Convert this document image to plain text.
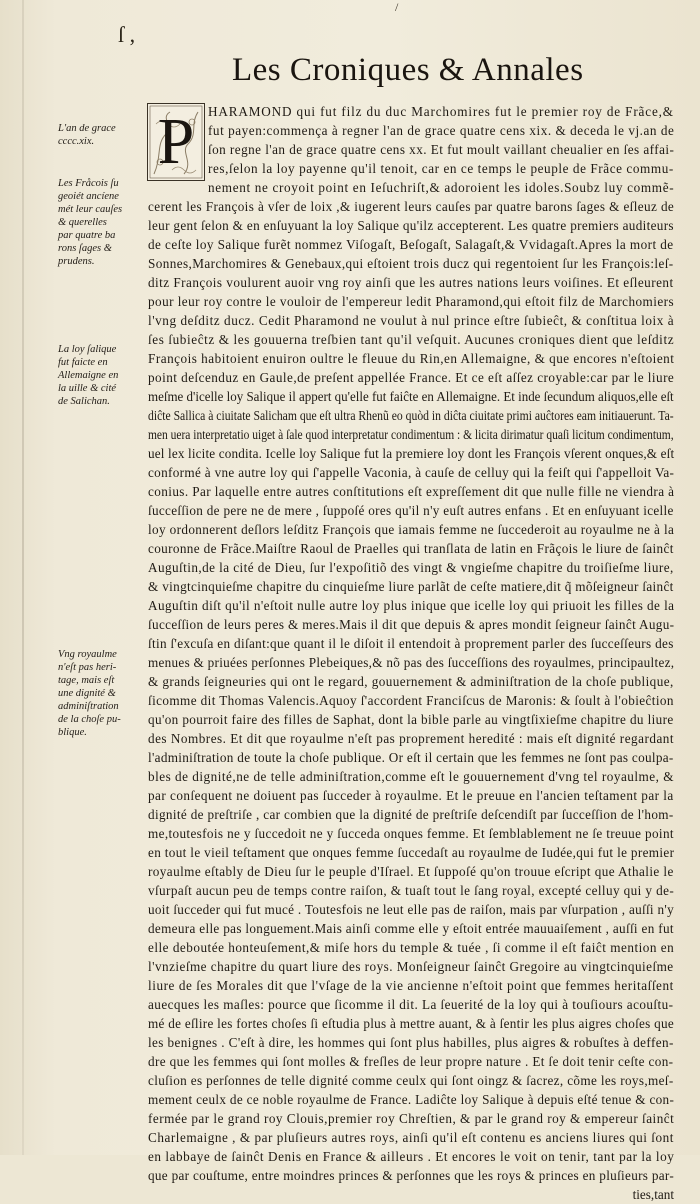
ſ ,
/
Les Croniques & Annales
P
L'an de grace
cccc.xix.
Les Fråcois ſu
geoiét ancíene
mét leur cauſes
& querelles
par quatre ba
rons ſages &
prudens.
La loy ſalique
fut faicte en
Allemaigne en
la uille & cité
de Salichan.
Vng royaulme
n'eſt pas heri-
tage, mais eſt
une dignité &
adminiſtration
de la choſe pu-
blique.
HARAMOND qui fut filz du duc Marchomires fut le premier roy de Frãce,&
fut payen:commença à regner l'an de grace quatre cens xix. & deceda le vj.an de
ſon regne l'an de grace quatre cens xx. Et fut moult vaillant cheualier en ſes affai-
res,ſelon la loy payenne qu'il tenoit, car en ce temps le peuple de Frãce commu-
nement ne croyoit point en Ieſuchriſt,& adoroient les idoles.Soubz luy commẽ-
cerent les François à vſer de loix ,& iugerent leurs cauſes par quatre barons ſages & eſleuz de
leur gent ſelon & en enſuyuant la loy Salique qu'ilz accepterent. Les quatre premiers auditeurs
de ceſte loy Salique furẽt nommez Viſogaſt, Beſogaſt, Salagaſt,& Vvidagaſt.Apres la mort de
Sonnes,Marchomires & Genebaux,qui eſtoient trois ducz qui regentoient ſur les François:leſ-
ditz François voulurent auoir vng roy ainſi que les autres nations leurs voiſines. Et eſleurent
pour leur roy contre le vouloir de l'empereur ledit Pharamond,qui eſtoit filz de Marchomiers
l'vng deſditz ducz. Cedit Pharamond ne voulut à nul prince eſtre ſubieĉt, & conſtitua loix à
ſes ſubieĉtz & les gouuerna treſbien tant qu'il veſquit. Aucunes croniques dient que leſditz
François habitoient enuiron oultre le fleuue du Rin,en Allemaigne, & que encores n'eſtoient
point deſcenduz en Gaule,de preſent appellée France. Et ce eſt aſſez croyable:car par le liure
meſme d'icelle loy Salique il appert qu'elle fut faiĉte en Allemaigne. Et inde ſecundum aliquos,elle eſt
diĉte Sallica à ciuitate Salicham que eſt ultra Rhenũ eo quòd in diĉta ciuitate primi auĉtores eam initiauerunt. Ta-
men uera interpretatio uiget à ſale quod interpretatur condimentum : & licita dirimatur quaſi licitum condimentum,
uel lex licite condita. Icelle loy Salique fut la premiere loy dont les François vſerent onques,& eſt
conformé à vne autre loy qui ſ'appelle Vaconia, à cauſe de celluy qui la feiſt qui ſ'appelloit Va-
conius. Par laquelle entre autres conſtitutions eſt expreſſement dit que nulle fille ne viendra à
ſucceſſion de pere ne de mere , ſuppoſé ores qu'il n'y euſt autres enfans . Et en enſuyuant icelle
loy ordonnerent deſlors leſditz François que iamais femme ne ſuccederoit au royaulme ne à la
couronne de Frãce.Maiſtre Raoul de Praelles qui tranſlata de latin en Frãçois le liure de ſainĉt
Auguſtin,de la cité de Dieu, ſur l'expoſitiõ des vingt & vngieſme chapitre du troiſieſme liure,
& vingtcinquieſme chapitre du cinquieſme liure parlãt de ceſte matiere,dit q̃ mõſeigneur ſainĉt
Auguſtin diſt qu'il n'eſtoit nulle autre loy plus inique que icelle loy qui priuoit les filles de la
ſucceſſion de leurs peres & meres.Mais il dit que depuis & apres mondit ſeigneur ſainĉt Augu-
ſtin ſ'excuſa en diſant:que quant il le diſoit il entendoit à proprement parler des ſucceſſeurs des
menues & priuées perſonnes Plebeiques,& nõ pas des ſucceſſions des royaulmes, principaultez,
& grands ſeigneuries qui ont le regard, gouuernement & adminiſtration de la choſe publique,
ſicomme dit Thomas Valencis.Aquoy ſ'accordent Franciſcus de Maronis: & ſoult à l'obieĉtion
qu'on pourroit faire des filles de Saphat, dont la bible parle au vingtſixieſme chapitre du liure
des Nombres. Et dit que royaulme n'eſt pas proprement heredité : mais eſt dignité regardant
l'adminiſtration de toute la choſe publique. Or eſt il certain que les femmes ne ſont pas coulpa-
bles de dignité,ne de telle adminiſtration,comme eſt le gouuernement d'vng tel royaulme, &
par conſequent ne doiuent pas ſucceder à royaulme. Et le preuue en l'ancien teſtament par la
dignité de preſtriſe , car combien que la dignité de preſtriſe deſcendiſt par ſucceſſion de l'hom-
me,toutesfois ne y ſuccedoit ne y ſucceda onques femme. Et ſemblablement ne ſe treuue point
en tout le vieil teſtament que onques femme ſuccedaſt au royaulme de Iudée,qui fut le premier
royaulme eſtably de Dieu ſur le peuple d'Iſrael. Et ſuppoſé qu'on trouue eſcript que Athalie le
vſurpaſt aucun peu de temps contre raiſon, & tuaſt tout le ſang royal, excepté celluy qui y de-
uoit ſucceder qui fut mucé . Toutesfois ne leut elle pas de raiſon, mais par vſurpation , auſſi n'y
demeura elle pas longuement.Mais ainſi comme elle y eſtoit entrée mauuaiſement , auſſi en fut
elle deboutée honteuſement,& miſe hors du temple & tuée , ſi comme il eſt faiĉt mention en
l'vnzieſme chapitre du quart liure des roys. Monſeigneur ſainĉt Gregoire au vingtcinquieſme
liure de ſes Morales dit que l'vſage de la vie ancienne n'eſtoit point que femmes heritaſſent
auecques les maſles: pource que ſicomme il dit. La ſeuerité de la loy qui à touſiours acouſtu-
mé de eſlire les fortes choſes ſi eſtudia plus à mettre auant, & à ſentir les plus aigres choſes que
les benignes . C'eſt à dire, les hommes qui ſont plus habilles, plus aigres & robuſtes à deffen-
dre que les femmes qui ſont molles & freſles de leur propre nature . Et ſe doit tenir ceſte con-
cluſion es perſonnes de telle dignité comme ceulx qui ſont oingz & ſacrez, cõme les roys,meſ-
mement ceulx de ce noble royaulme de France. Ladiĉte loy Salique à depuis eſté tenue & con-
fermée par le grand roy Clouis,premier roy Chreſtien, & par le grand roy & empereur ſainĉt
Charlemaigne , & par pluſieurs autres roys, ainſi qu'il eſt contenu es anciens liures qui ſont
en labbaye de ſainĉt Denis en France & ailleurs . Et encores le voit on tenir, tant par la loy
que par couſtume, entre moindres princes & perſonnes que les roys & princes en pluſieurs par-
ties,tant
